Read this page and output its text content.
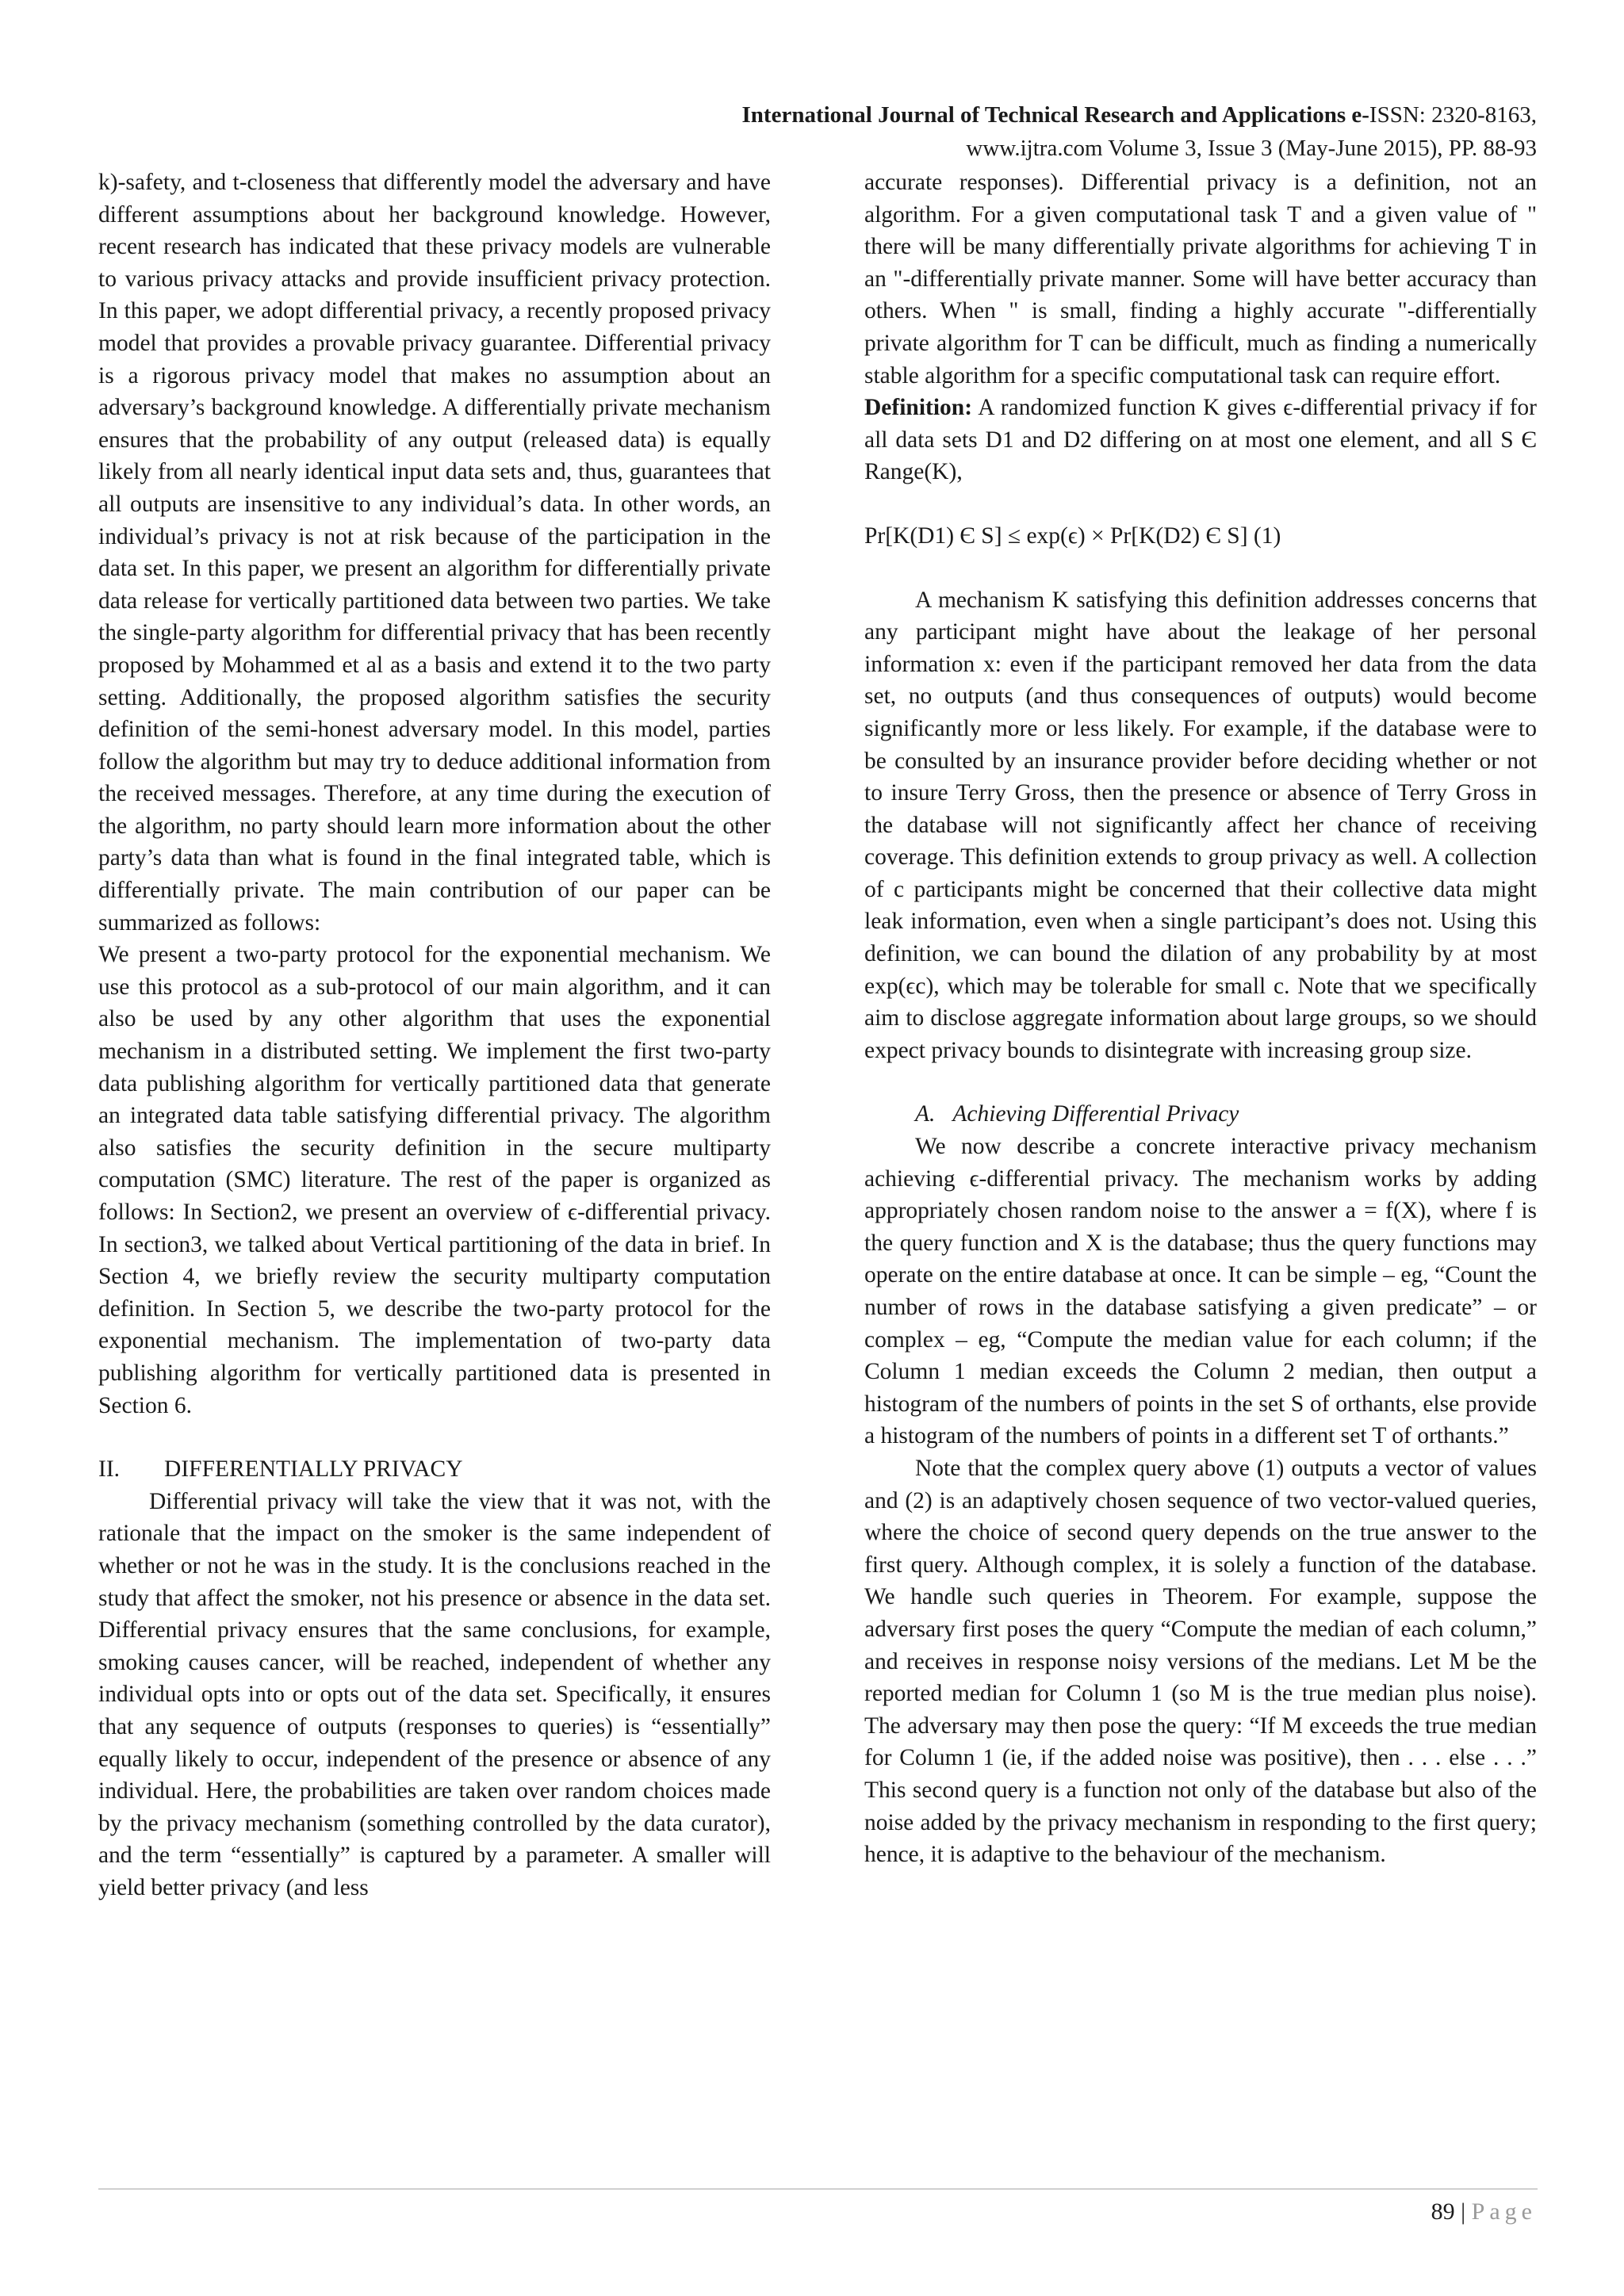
International Journal of Technical Research and Applications e-ISSN: 2320-8163,
www.ijtra.com Volume 3, Issue 3 (May-June 2015), PP. 88-93

k)-safety, and t-closeness that differently model the adversary and have different assumptions about her background knowledge. However, recent research has indicated that these privacy models are vulnerable to various privacy attacks and provide insufficient privacy protection. In this paper, we adopt differential privacy, a recently proposed privacy model that provides a provable privacy guarantee. Differential privacy is a rigorous privacy model that makes no assumption about an adversary’s background knowledge. A differentially private mechanism ensures that the probability of any output (released data) is equally likely from all nearly identical input data sets and, thus, guarantees that all outputs are insensitive to any individual’s data. In other words, an individual’s privacy is not at risk because of the participation in the data set. In this paper, we present an algorithm for differentially private data release for vertically partitioned data between two parties. We take the single-party algorithm for differential privacy that has been recently proposed by Mohammed et al as a basis and extend it to the two party setting. Additionally, the proposed algorithm satisfies the security definition of the semi-honest adversary model. In this model, parties follow the algorithm but may try to deduce additional information from the received messages. Therefore, at any time during the execution of the algorithm, no party should learn more information about the other party’s data than what is found in the final integrated table, which is differentially private. The main contribution of our paper can be summarized as follows:

We present a two-party protocol for the exponential mechanism. We use this protocol as a sub-protocol of our main algorithm, and it can also be used by any other algorithm that uses the exponential mechanism in a distributed setting. We implement the first two-party data publishing algorithm for vertically partitioned data that generate an integrated data table satisfying differential privacy. The algorithm also satisfies the security definition in the secure multiparty computation (SMC) literature. The rest of the paper is organized as follows: In Section2, we present an overview of ϵ-differential privacy. In section3, we talked about Vertical partitioning of the data in brief. In Section 4, we briefly review the security multiparty computation definition. In Section 5, we describe the two-party protocol for the exponential mechanism. The implementation of two-party data publishing algorithm for vertically partitioned data is presented in Section 6.

II. DIFFERENTIALLY PRIVACY

Differential privacy will take the view that it was not, with the rationale that the impact on the smoker is the same independent of whether or not he was in the study. It is the conclusions reached in the study that affect the smoker, not his presence or absence in the data set. Differential privacy ensures that the same conclusions, for example, smoking causes cancer, will be reached, independent of whether any individual opts into or opts out of the data set. Specifically, it ensures that any sequence of outputs (responses to queries) is “essentially” equally likely to occur, independent of the presence or absence of any individual. Here, the probabilities are taken over random choices made by the privacy mechanism (something controlled by the data curator), and the term “essentially” is captured by a parameter. A smaller will yield better privacy (and less

accurate responses). Differential privacy is a definition, not an algorithm. For a given computational task T and a given value of " there will be many differentially private algorithms for achieving T in an "-differentially private manner. Some will have better accuracy than others. When " is small, finding a highly accurate "-differentially private algorithm for T can be difficult, much as finding a numerically stable algorithm for a specific computational task can require effort.

Definition: A randomized function K gives ϵ-differential privacy if for all data sets D1 and D2 differing on at most one element, and all S Є Range(K),

Pr[K(D1) Є S] ≤ exp(ϵ) × Pr[K(D2) Є S] (1)

A mechanism K satisfying this definition addresses concerns that any participant might have about the leakage of her personal information x: even if the participant removed her data from the data set, no outputs (and thus consequences of outputs) would become significantly more or less likely. For example, if the database were to be consulted by an insurance provider before deciding whether or not to insure Terry Gross, then the presence or absence of Terry Gross in the database will not significantly affect her chance of receiving coverage. This definition extends to group privacy as well. A collection of c participants might be concerned that their collective data might leak information, even when a single participant’s does not. Using this definition, we can bound the dilation of any probability by at most exp(ϵc), which may be tolerable for small c. Note that we specifically aim to disclose aggregate information about large groups, so we should expect privacy bounds to disintegrate with increasing group size.

A. Achieving Differential Privacy

We now describe a concrete interactive privacy mechanism achieving ϵ-differential privacy. The mechanism works by adding appropriately chosen random noise to the answer a = f(X), where f is the query function and X is the database; thus the query functions may operate on the entire database at once. It can be simple – eg, “Count the number of rows in the database satisfying a given predicate” – or complex – eg, “Compute the median value for each column; if the Column 1 median exceeds the Column 2 median, then output a histogram of the numbers of points in the set S of orthants, else provide a histogram of the numbers of points in a different set T of orthants.”

Note that the complex query above (1) outputs a vector of values and (2) is an adaptively chosen sequence of two vector-valued queries, where the choice of second query depends on the true answer to the first query. Although complex, it is solely a function of the database. We handle such queries in Theorem. For example, suppose the adversary first poses the query “Compute the median of each column,” and receives in response noisy versions of the medians. Let M be the reported median for Column 1 (so M is the true median plus noise). The adversary may then pose the query: “If M exceeds the true median for Column 1 (ie, if the added noise was positive), then . . . else . . .” This second query is a function not only of the database but also of the noise added by the privacy mechanism in responding to the first query; hence, it is adaptive to the behaviour of the mechanism.

89 | Page
